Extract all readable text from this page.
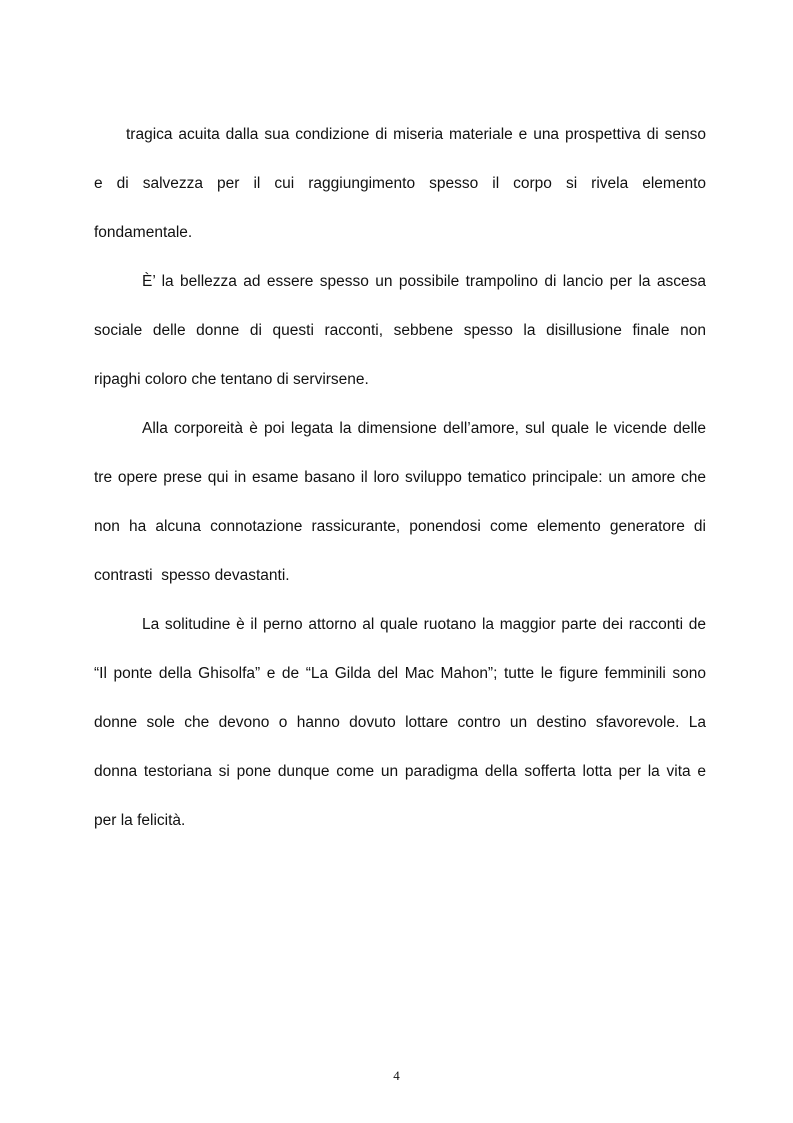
tragica acuita dalla sua condizione di miseria materiale e una prospettiva di senso

e di salvezza per il cui raggiungimento spesso il corpo si rivela elemento

fondamentale.

È’ la bellezza ad essere spesso un possibile trampolino di lancio per la ascesa

sociale delle donne di questi racconti, sebbene spesso la disillusione finale non

ripaghi coloro che tentano di servirsene.

Alla corporeità è poi legata la dimensione dell’amore, sul quale le vicende delle

tre opere prese qui in esame basano il loro sviluppo tematico principale: un amore che

non ha alcuna connotazione rassicurante, ponendosi come elemento generatore di

contrasti  spesso devastanti.

La solitudine è il perno attorno al quale ruotano la maggior parte dei racconti de

“Il ponte della Ghisolfa” e de “La Gilda del Mac Mahon”; tutte le figure femminili sono

donne sole che devono o hanno dovuto lottare contro un destino sfavorevole. La

donna testoriana si pone dunque come un paradigma della sofferta lotta per la vita e

per la felicità.

4
